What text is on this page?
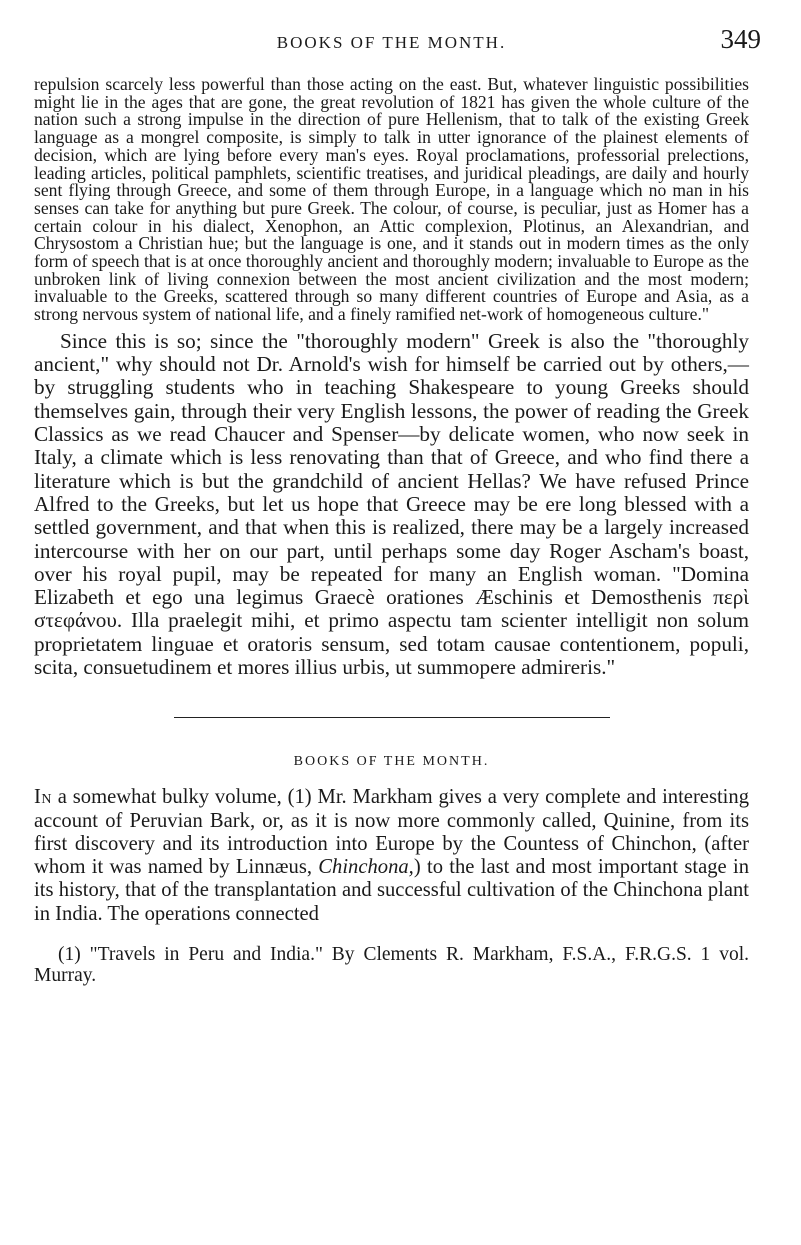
BOOKS OF THE MONTH.	349

repulsion scarcely less powerful than those acting on the east. But, whatever linguistic possibilities might lie in the ages that are gone, the great revolution of 1821 has given the whole culture of the nation such a strong impulse in the direction of pure Hellenism, that to talk of the existing Greek language as a mongrel composite, is simply to talk in utter ignorance of the plainest elements of decision, which are lying before every man's eyes. Royal proclamations, professorial prelections, leading articles, political pamphlets, scientific treatises, and juridical pleadings, are daily and hourly sent flying through Greece, and some of them through Europe, in a language which no man in his senses can take for anything but pure Greek. The colour, of course, is peculiar, just as Homer has a certain colour in his dialect, Xenophon, an Attic complexion, Plotinus, an Alexandrian, and Chrysostom a Christian hue; but the language is one, and it stands out in modern times as the only form of speech that is at once thoroughly ancient and thoroughly modern; invaluable to Europe as the unbroken link of living connexion between the most ancient civilization and the most modern; invaluable to the Greeks, scattered through so many different countries of Europe and Asia, as a strong nervous system of national life, and a finely ramified net-work of homogeneous culture."

Since this is so; since the "thoroughly modern" Greek is also the "thoroughly ancient," why should not Dr. Arnold's wish for himself be carried out by others,—by struggling students who in teaching Shakespeare to young Greeks should themselves gain, through their very English lessons, the power of reading the Greek Classics as we read Chaucer and Spenser—by delicate women, who now seek in Italy, a climate which is less renovating than that of Greece, and who find there a literature which is but the grandchild of ancient Hellas? We have refused Prince Alfred to the Greeks, but let us hope that Greece may be ere long blessed with a settled government, and that when this is realized, there may be a largely increased intercourse with her on our part, until perhaps some day Roger Ascham's boast, over his royal pupil, may be repeated for many an English woman. "Domina Elizabeth et ego una legimus Graecè orationes Æschinis et Demosthenis περὶ στεφάνου. Illa praelegit mihi, et primo aspectu tam scienter intelligit non solum proprietatem linguae et oratoris sensum, sed totam causae contentionem, populi, scita, consuetudinem et mores illius urbis, ut summopere admireris."

BOOKS OF THE MONTH.

In a somewhat bulky volume, (1) Mr. Markham gives a very complete and interesting account of Peruvian Bark, or, as it is now more commonly called, Quinine, from its first discovery and its introduction into Europe by the Countess of Chinchon, (after whom it was named by Linnæus, Chinchona,) to the last and most important stage in its history, that of the transplantation and successful cultivation of the Chinchona plant in India. The operations connected

(1) "Travels in Peru and India." By Clements R. Markham, F.S.A., F.R.G.S. 1 vol. Murray.
